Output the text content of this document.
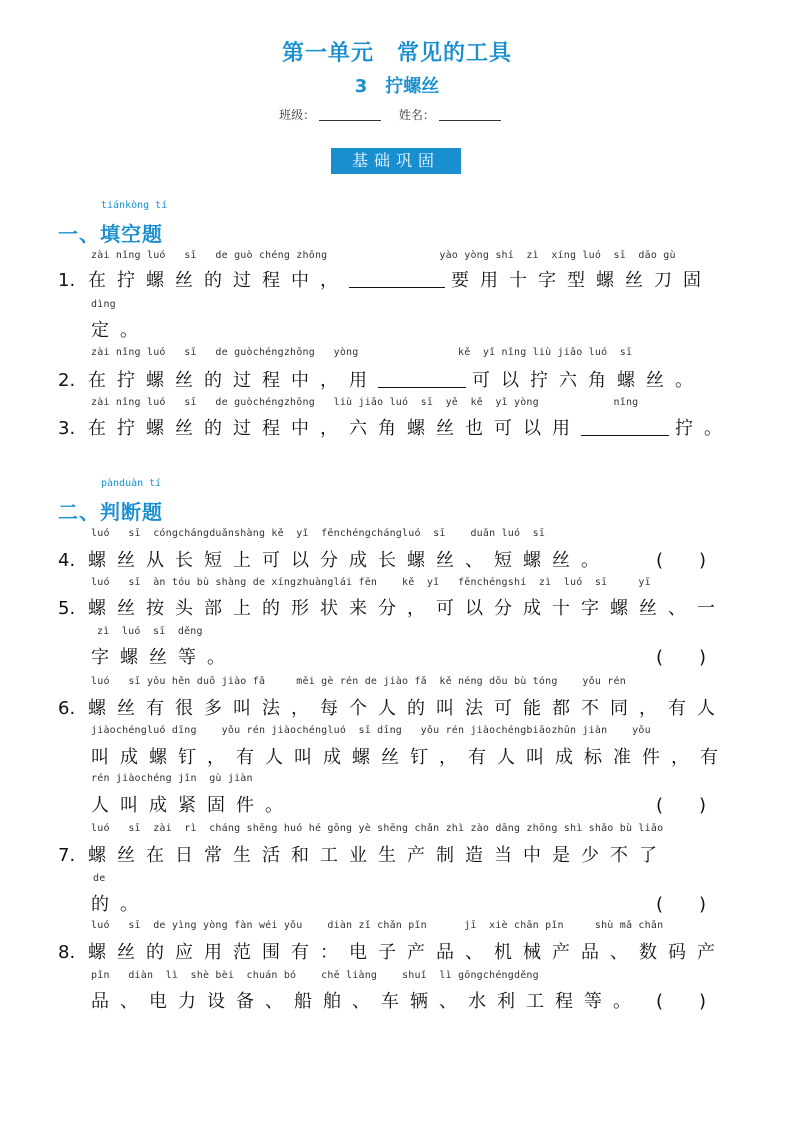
第一单元　常见的工具
3　拧螺丝
班级：	姓名：
基础巩固
tiánkòng tí
一、填空题
zài nǐng luó   sī   de guò chéng zhōng                  yào yòng shí  zì  xíng luó  sī  dāo gù
1. 在拧螺丝的过程中，	要用十字型螺丝刀固
dìng
定。
zài nǐng luó   sī   de guòchéngzhōng   yòng                kě  yǐ nǐng liù jiǎo luó  sī
2. 在拧螺丝的过程中，用	可以拧六角螺丝。
zài nǐng luó   sī   de guòchéngzhōng   liù jiǎo luó  sī  yě  kě  yǐ yòng            nǐng
3. 在拧螺丝的过程中，六角螺丝也可以用	拧。
pànduàn tí
二、判断题
luó   sī  cóngchángduǎnshàng kě  yǐ  fēnchéngchángluó  sī    duǎn luó  sī
4. 螺丝从长短上可以分成长螺丝、短螺丝。	(　　)
luó   sī  àn tóu bù shàng de xíngzhuànglái fēn    kě  yǐ   fēnchéngshí  zì  luó  sī     yī
5. 螺丝按头部上的形状来分，可以分成十字螺丝、一
zì  luó  sī  děng
字螺丝等。	(　　)
luó   sī yǒu hěn duō jiào fǎ     měi gè rén de jiào fǎ  kě néng dōu bù tóng    yǒu rén
6. 螺丝有很多叫法，每个人的叫法可能都不同，有人
jiàochéngluó dīng    yǒu rén jiàochéngluó  sī dīng   yǒu rén jiàochéngbiāozhǔn jiàn    yǒu
叫成螺钉，有人叫成螺丝钉，有人叫成标准件，有
rén jiàochéng jǐn  gù jiàn
人叫成紧固件。	(　　)
luó   sī  zài  rì  cháng shēng huó hé gōng yè shēng chǎn zhì zào dāng zhōng shì shǎo bù liǎo
7. 螺丝在日常生活和工业生产制造当中是少不了
de
的。	(　　)
luó   sī  de yìng yòng fàn wéi yǒu    diàn zǐ chǎn pǐn      jī  xiè chǎn pǐn     shù mǎ chǎn
8. 螺丝的应用范围有：电子产品、机械产品、数码产
pǐn   diàn  lì  shè bèi  chuán bó    chē liàng    shuǐ  lì gōngchéngděng
品、电力设备、船舶、车辆、水利工程等。 (　　)
